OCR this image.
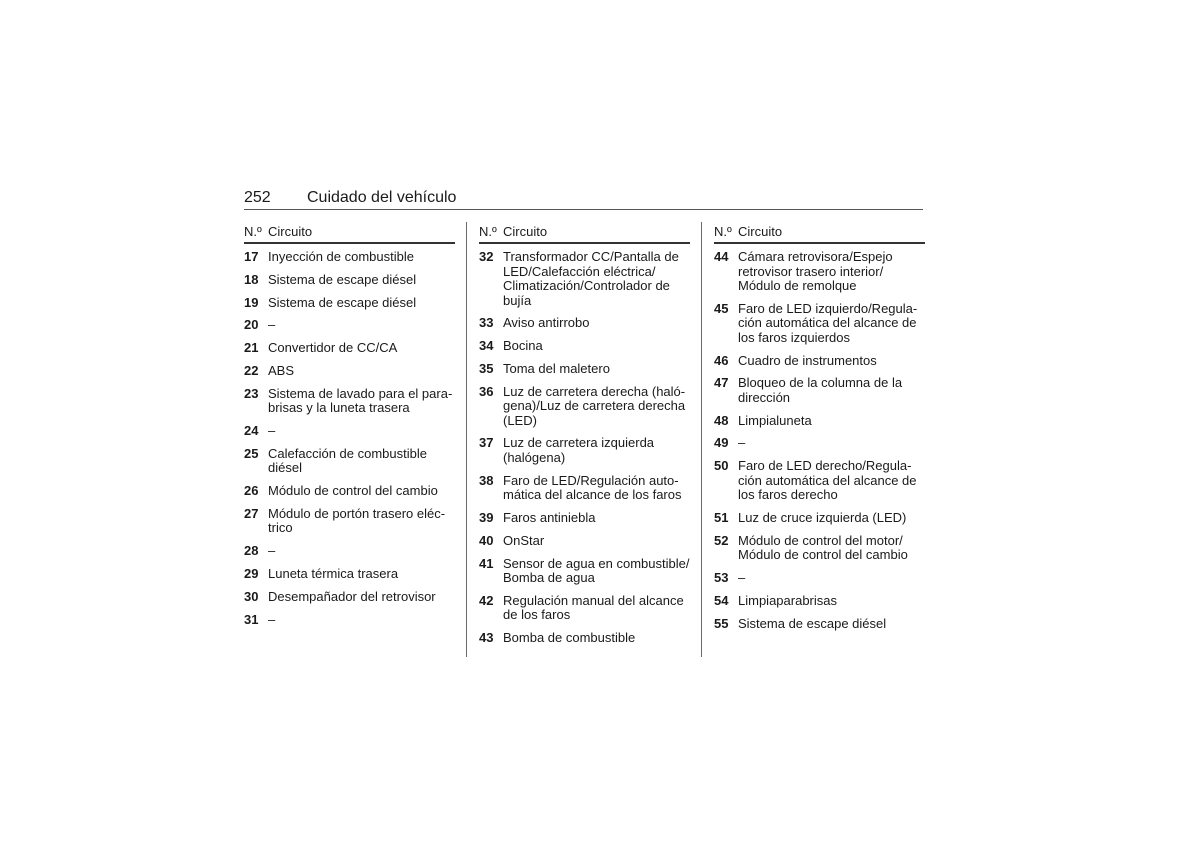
252 Cuidado del vehículo
N.º Circuito
17 Inyección de combustible
18 Sistema de escape diésel
19 Sistema de escape diésel
20 –
21 Convertidor de CC/CA
22 ABS
23 Sistema de lavado para el parabrisas y la luneta trasera
24 –
25 Calefacción de combustible diésel
26 Módulo de control del cambio
27 Módulo de portón trasero eléctrico
28 –
29 Luneta térmica trasera
30 Desempañador del retrovisor
31 –
N.º Circuito
32 Transformador CC/Pantalla de LED/Calefacción eléctrica/ Climatización/Controlador de bujía
33 Aviso antirrobo
34 Bocina
35 Toma del maletero
36 Luz de carretera derecha (halógena)/Luz de carretera derecha (LED)
37 Luz de carretera izquierda (halógena)
38 Faro de LED/Regulación automática del alcance de los faros
39 Faros antiniebla
40 OnStar
41 Sensor de agua en combustible/ Bomba de agua
42 Regulación manual del alcance de los faros
43 Bomba de combustible
N.º Circuito
44 Cámara retrovisora/Espejo retrovisor trasero interior/ Módulo de remolque
45 Faro de LED izquierdo/Regulación automática del alcance de los faros izquierdos
46 Cuadro de instrumentos
47 Bloqueo de la columna de la dirección
48 Limpialuneta
49 –
50 Faro de LED derecho/Regulación automática del alcance de los faros derecho
51 Luz de cruce izquierda (LED)
52 Módulo de control del motor/ Módulo de control del cambio
53 –
54 Limpiaparabrisas
55 Sistema de escape diésel
